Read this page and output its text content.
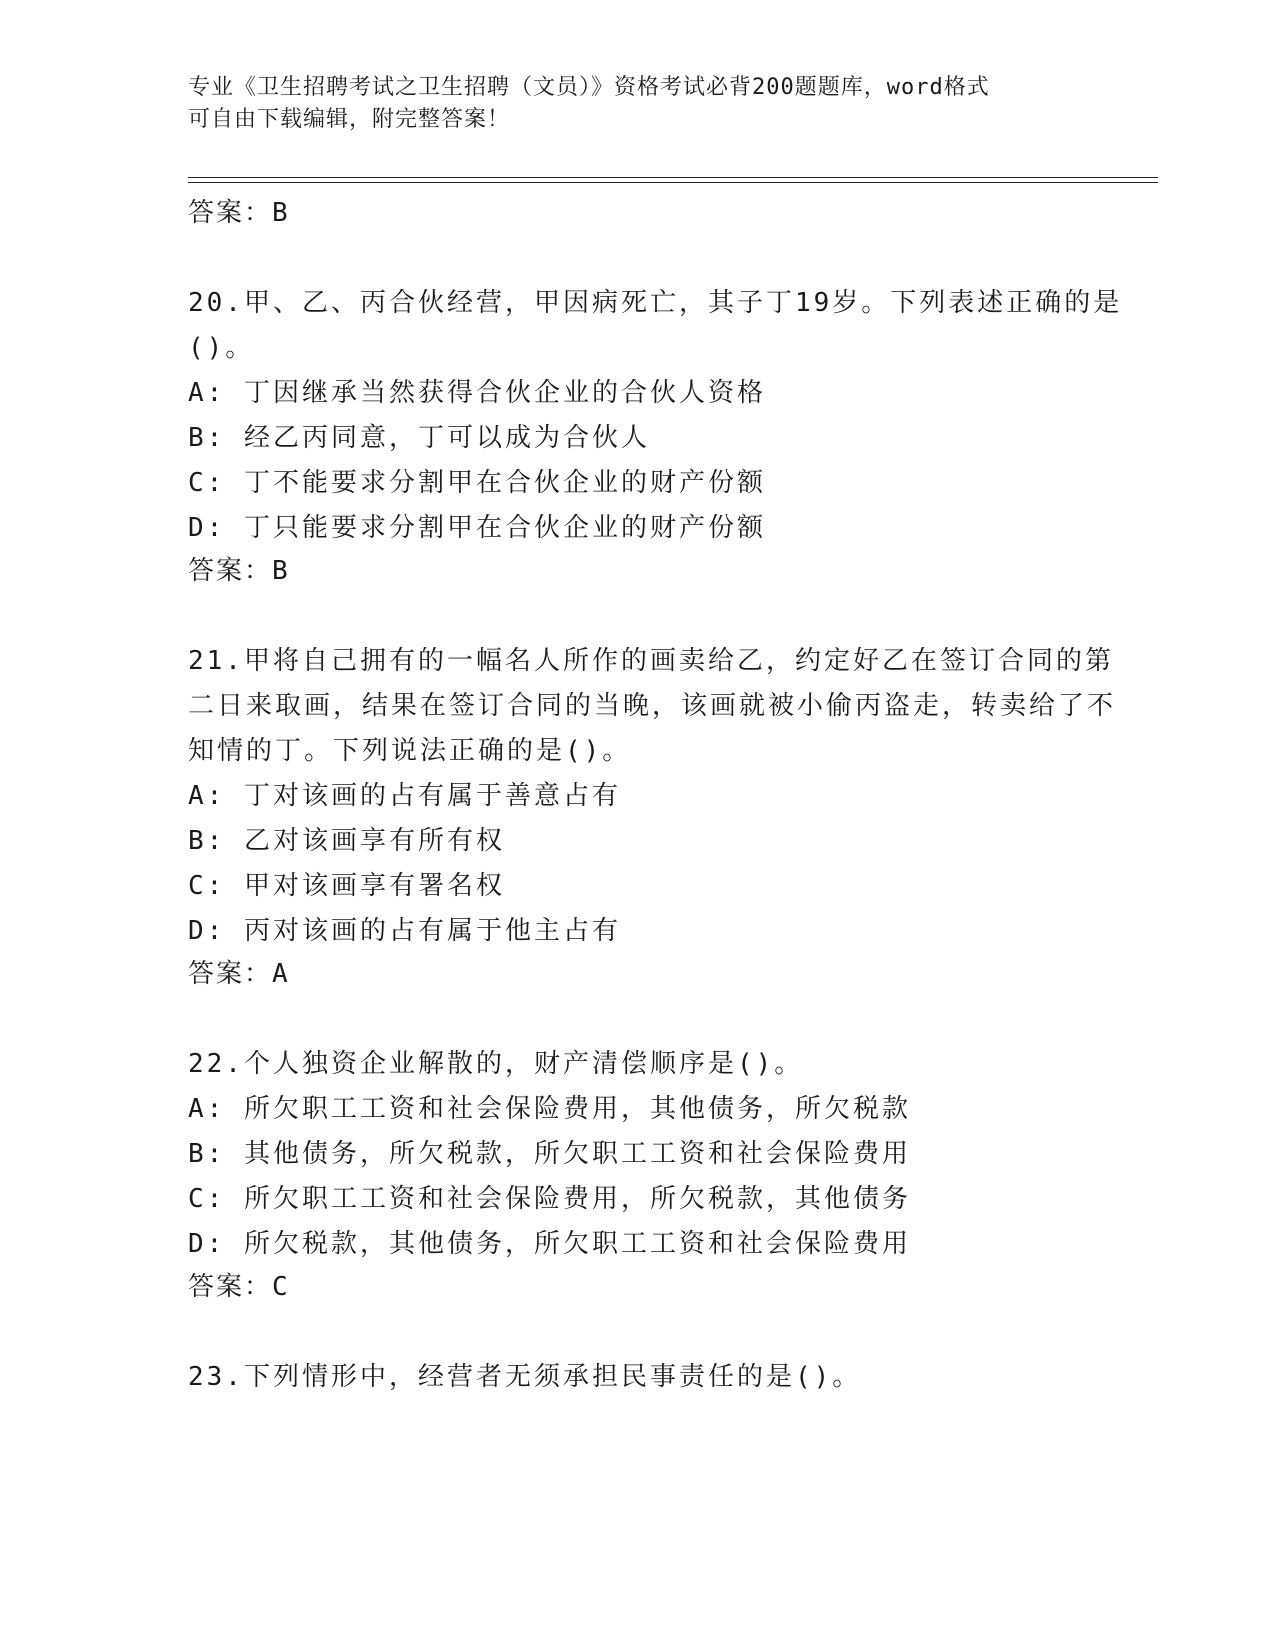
专业《卫生招聘考试之卫生招聘（文员）》资格考试必背200题题库，word格式
可自由下载编辑，附完整答案！
答案：B
20.甲、乙、丙合伙经营，甲因病死亡，其子丁19岁。下列表述正确的是()。
A: 丁因继承当然获得合伙企业的合伙人资格
B: 经乙丙同意，丁可以成为合伙人
C: 丁不能要求分割甲在合伙企业的财产份额
D: 丁只能要求分割甲在合伙企业的财产份额
答案：B
21.甲将自己拥有的一幅名人所作的画卖给乙，约定好乙在签订合同的第二日来取画，结果在签订合同的当晚，该画就被小偷丙盗走，转卖给了不知情的丁。下列说法正确的是()。
A: 丁对该画的占有属于善意占有
B: 乙对该画享有所有权
C: 甲对该画享有署名权
D: 丙对该画的占有属于他主占有
答案：A
22.个人独资企业解散的，财产清偿顺序是()。
A: 所欠职工工资和社会保险费用，其他债务，所欠税款
B: 其他债务，所欠税款，所欠职工工资和社会保险费用
C: 所欠职工工资和社会保险费用，所欠税款，其他债务
D: 所欠税款，其他债务，所欠职工工资和社会保险费用
答案：C
23.下列情形中，经营者无须承担民事责任的是()。
